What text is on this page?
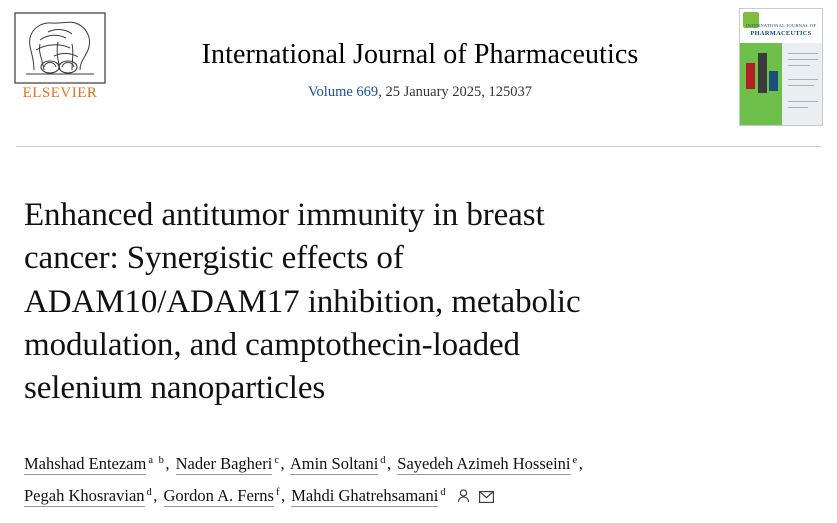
ELSEVIER
International Journal of Pharmaceutics
Volume 669, 25 January 2025, 125037
INTERNATIONAL JOURNAL OF
PHARMACEUTICS
Enhanced antitumor immunity in breast
cancer: Synergistic effects of
ADAM10/ADAM17 inhibition, metabolic
modulation, and camptothecin-loaded
selenium nanoparticles
Mahshad Entezam $^{a b}$, Nader Bagheri $^c$, Amin Soltani $^d$, Sayedeh Azimeh Hosseini $^e$,
Pegah Khosravian $^d$, Gordon A. Ferns $^f$, Mahdi Ghatrehsamani $^d$
